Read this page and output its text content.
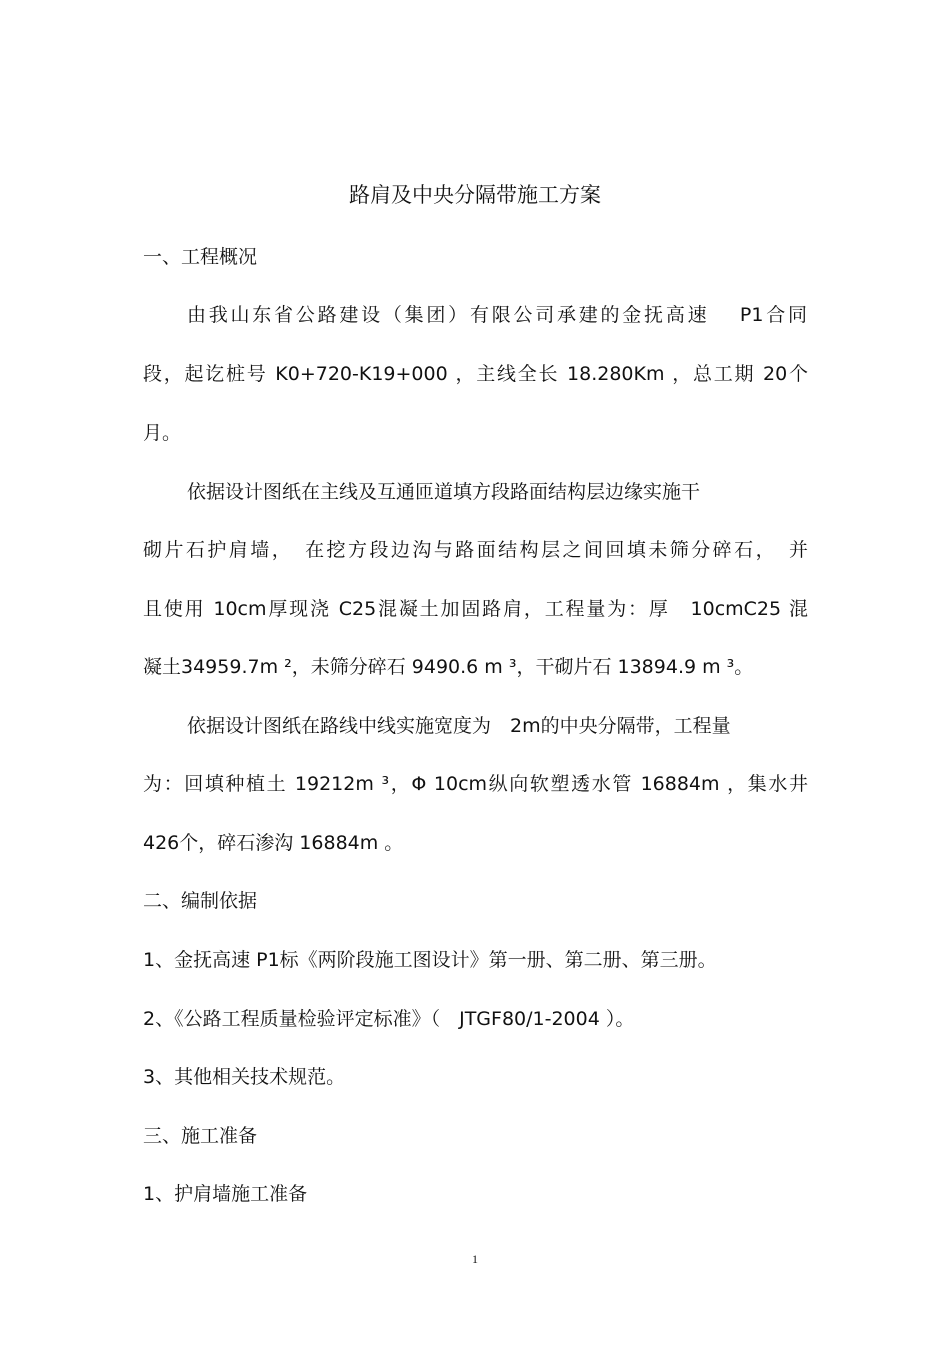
路肩及中央分隔带施工方案
一、工程概况
由我山东省公路建设（集团）有限公司承建的金抚高速　 P1合同
段，起讫桩号 K0+720-K19+000 ，主线全长 18.280Km ，总工期 20个
月。
依据设计图纸在主线及互通匝道填方段路面结构层边缘实施干
砌片石护肩墙，　在挖方段边沟与路面结构层之间回填未筛分碎石，　并
且使用 10cm厚现浇 C25混凝土加固路肩，工程量为：厚　10cmC25 混
凝土34959.7m ²，未筛分碎石 9490.6 m ³，干砌片石 13894.9 m ³。
依据设计图纸在路线中线实施宽度为　2m的中央分隔带，工程量
为：回填种植土 19212m ³，Φ 10cm纵向软塑透水管 16884m ，集水井
426个，碎石渗沟 16884m 。
二、编制依据
1、金抚高速 P1标《两阶段施工图设计》第一册、第二册、第三册。
2、《公路工程质量检验评定标准》（　JTGF80/1-2004 ）。
3、其他相关技术规范。
三、施工准备
1、护肩墙施工准备
1
